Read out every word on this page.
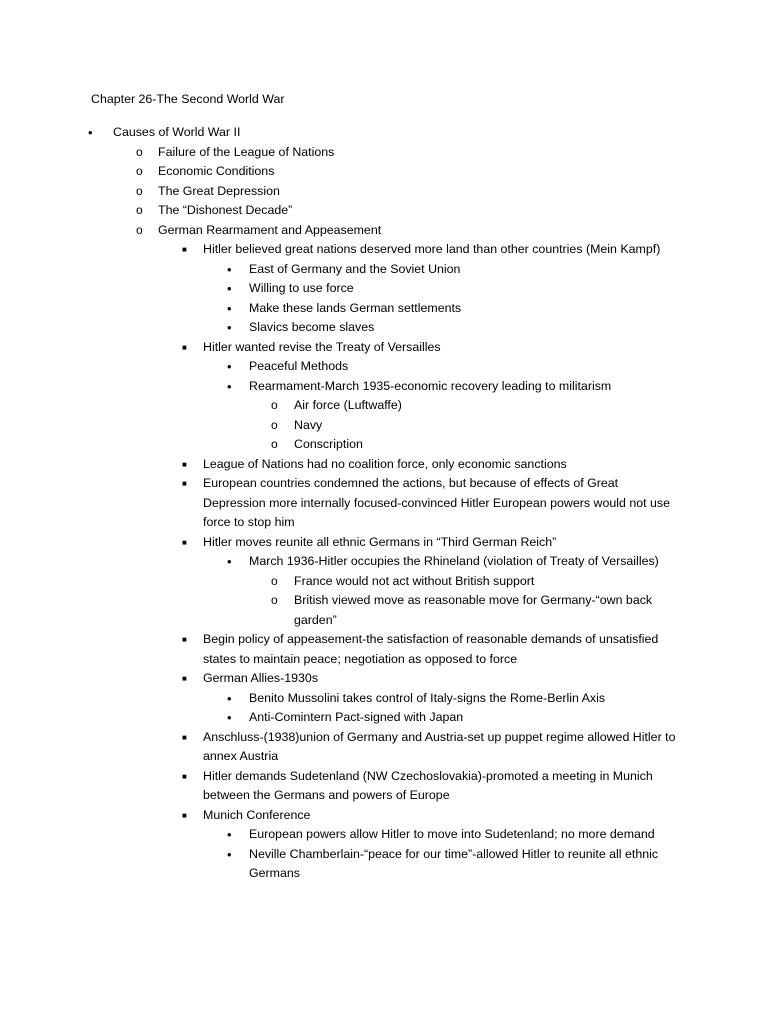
Chapter 26-The Second World War
• Causes of World War II
o Failure of the League of Nations
o Economic Conditions
o The Great Depression
o The “Dishonest Decade”
o German Rearmament and Appeasement
■ Hitler believed great nations deserved more land than other countries (Mein Kampf)
• East of Germany and the Soviet Union
• Willing to use force
• Make these lands German settlements
• Slavics become slaves
■ Hitler wanted revise the Treaty of Versailles
• Peaceful Methods
• Rearmament-March 1935-economic recovery leading to militarism
o Air force (Luftwaffe)
o Navy
o Conscription
■ League of Nations had no coalition force, only economic sanctions
■ European countries condemned the actions, but because of effects of Great Depression more internally focused-convinced Hitler European powers would not use force to stop him
■ Hitler moves reunite all ethnic Germans in “Third German Reich”
• March 1936-Hitler occupies the Rhineland (violation of Treaty of Versailles)
o France would not act without British support
o British viewed move as reasonable move for Germany-“own back garden”
■ Begin policy of appeasement-the satisfaction of reasonable demands of unsatisfied states to maintain peace; negotiation as opposed to force
■ German Allies-1930s
• Benito Mussolini takes control of Italy-signs the Rome-Berlin Axis
• Anti-Comintern Pact-signed with Japan
■ Anschluss-(1938)union of Germany and Austria-set up puppet regime allowed Hitler to annex Austria
■ Hitler demands Sudetenland (NW Czechoslovakia)-promoted a meeting in Munich between the Germans and powers of Europe
■ Munich Conference
• European powers allow Hitler to move into Sudetenland; no more demand
• Neville Chamberlain-“peace for our time”-allowed Hitler to reunite all ethnic Germans
